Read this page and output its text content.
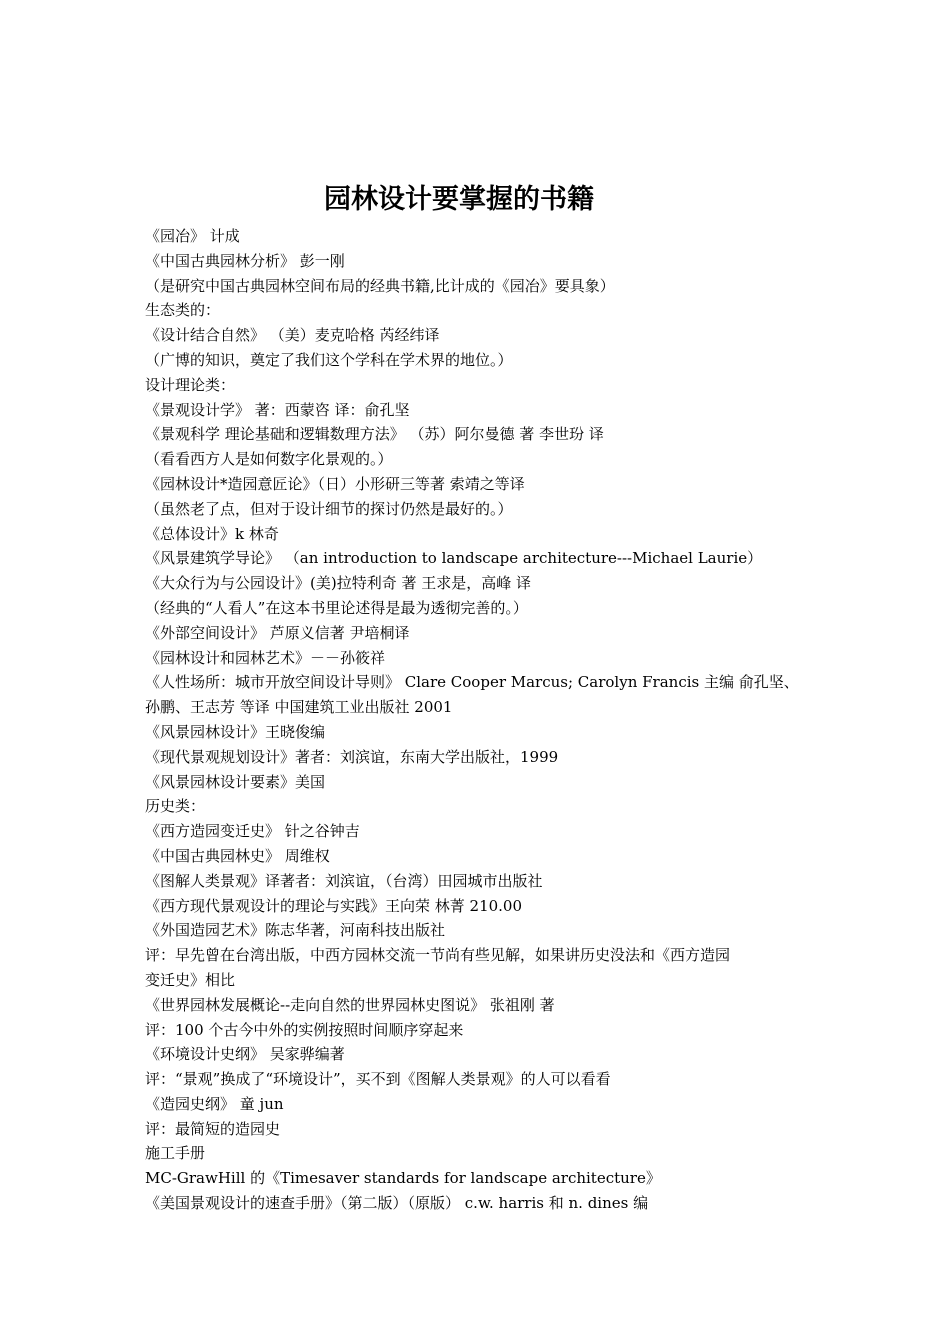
园林设计要掌握的书籍
《园冶》 计成
《中国古典园林分析》 彭一刚
（是研究中国古典园林空间布局的经典书籍,比计成的《园冶》要具象）
生态类的：
《设计结合自然》 （美）麦克哈格 芮经纬译
（广博的知识，奠定了我们这个学科在学术界的地位。）
设计理论类：
《景观设计学》 著：西蒙咨 译：俞孔坚
《景观科学 理论基础和逻辑数理方法》 （苏）阿尔曼德 著 李世玢 译
（看看西方人是如何数字化景观的。）
《园林设计*造园意匠论》（日）小形研三等著 索靖之等译
（虽然老了点，但对于设计细节的探讨仍然是最好的。）
《总体设计》k 林奇
《风景建筑学导论》 （an introduction to landscape architecture---Michael Laurie）
《大众行为与公园设计》(美)拉特利奇 著 王求是，高峰 译
（经典的“人看人”在这本书里论述得是最为透彻完善的。）
《外部空间设计》 芦原义信著 尹培桐译
《园林设计和园林艺术》－－孙筱祥
《人性场所：城市开放空间设计导则》 Clare Cooper Marcus; Carolyn Francis 主编 俞孔坚、
孙鹏、王志芳 等译 中国建筑工业出版社 2001
《风景园林设计》王晓俊编
《现代景观规划设计》著者：刘滨谊，东南大学出版社，1999
《风景园林设计要素》美国
历史类：
《西方造园变迁史》 针之谷钟吉
《中国古典园林史》 周维权
《图解人类景观》译著者：刘滨谊，（台湾）田园城市出版社
《西方现代景观设计的理论与实践》王向荣 林菁 210.00
《外国造园艺术》陈志华著，河南科技出版社
评：早先曾在台湾出版，中西方园林交流一节尚有些见解，如果讲历史没法和《西方造园
变迁史》相比
《世界园林发展概论--走向自然的世界园林史图说》 张祖刚 著
评：100 个古今中外的实例按照时间顺序穿起来
《环境设计史纲》 吴家骅编著
评：“景观”换成了“环境设计”，买不到《图解人类景观》的人可以看看
《造园史纲》 童 jun
评：最简短的造园史
施工手册
MC-GrawHill 的《Timesaver standards for landscape architecture》
《美国景观设计的速查手册》（第二版）（原版） c.w. harris 和 n. dines 编
